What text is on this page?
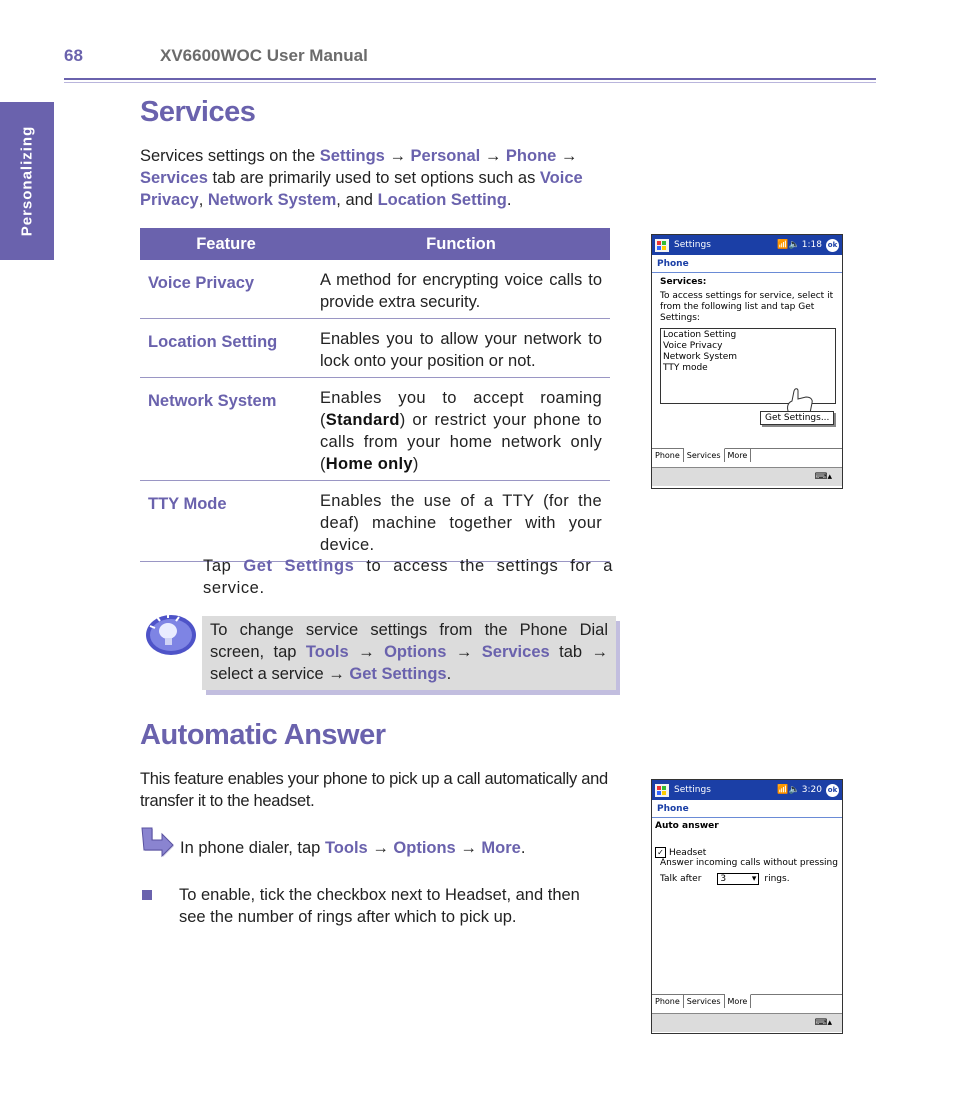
68	XV6600WOC User Manual
Personalizing
Services
Services settings on the Settings → Personal → Phone → Services tab are primarily used to set options such as Voice Privacy, Network System, and Location Setting.
Feature	Function
Voice Privacy	A method for encrypting voice calls to provide extra security.
Location Setting	Enables you to allow your network to lock onto your position or not.
Network System	Enables you to accept roaming (Standard) or restrict your phone to calls from your home network only (Home only)
TTY Mode	Enables the use of a TTY (for the deaf) machine together with your device.
Tap Get Settings to access the settings for a service.
To change service settings from the Phone Dial screen, tap Tools → Options → Services tab → select a service → Get Settings.
Automatic Answer
This feature enables your phone to pick up a call automatically and transfer it to the headset.
In phone dialer, tap Tools → Options → More.
To enable, tick the checkbox next to Headset, and then see the number of rings after which to pick up.
Settings	📶 🔈 1:18 ok
Phone
Services:
To access settings for service, select it from the following list and tap Get Settings:
Location Setting
Voice Privacy
Network System
TTY mode
Get Settings...
Phone Services More
⌨▴
Settings	📶 🔈 3:20 ok
Phone
Auto answer
✓ Headset
Answer incoming calls without pressing
Talk after 3	▾ rings.
Phone Services More
⌨▴
